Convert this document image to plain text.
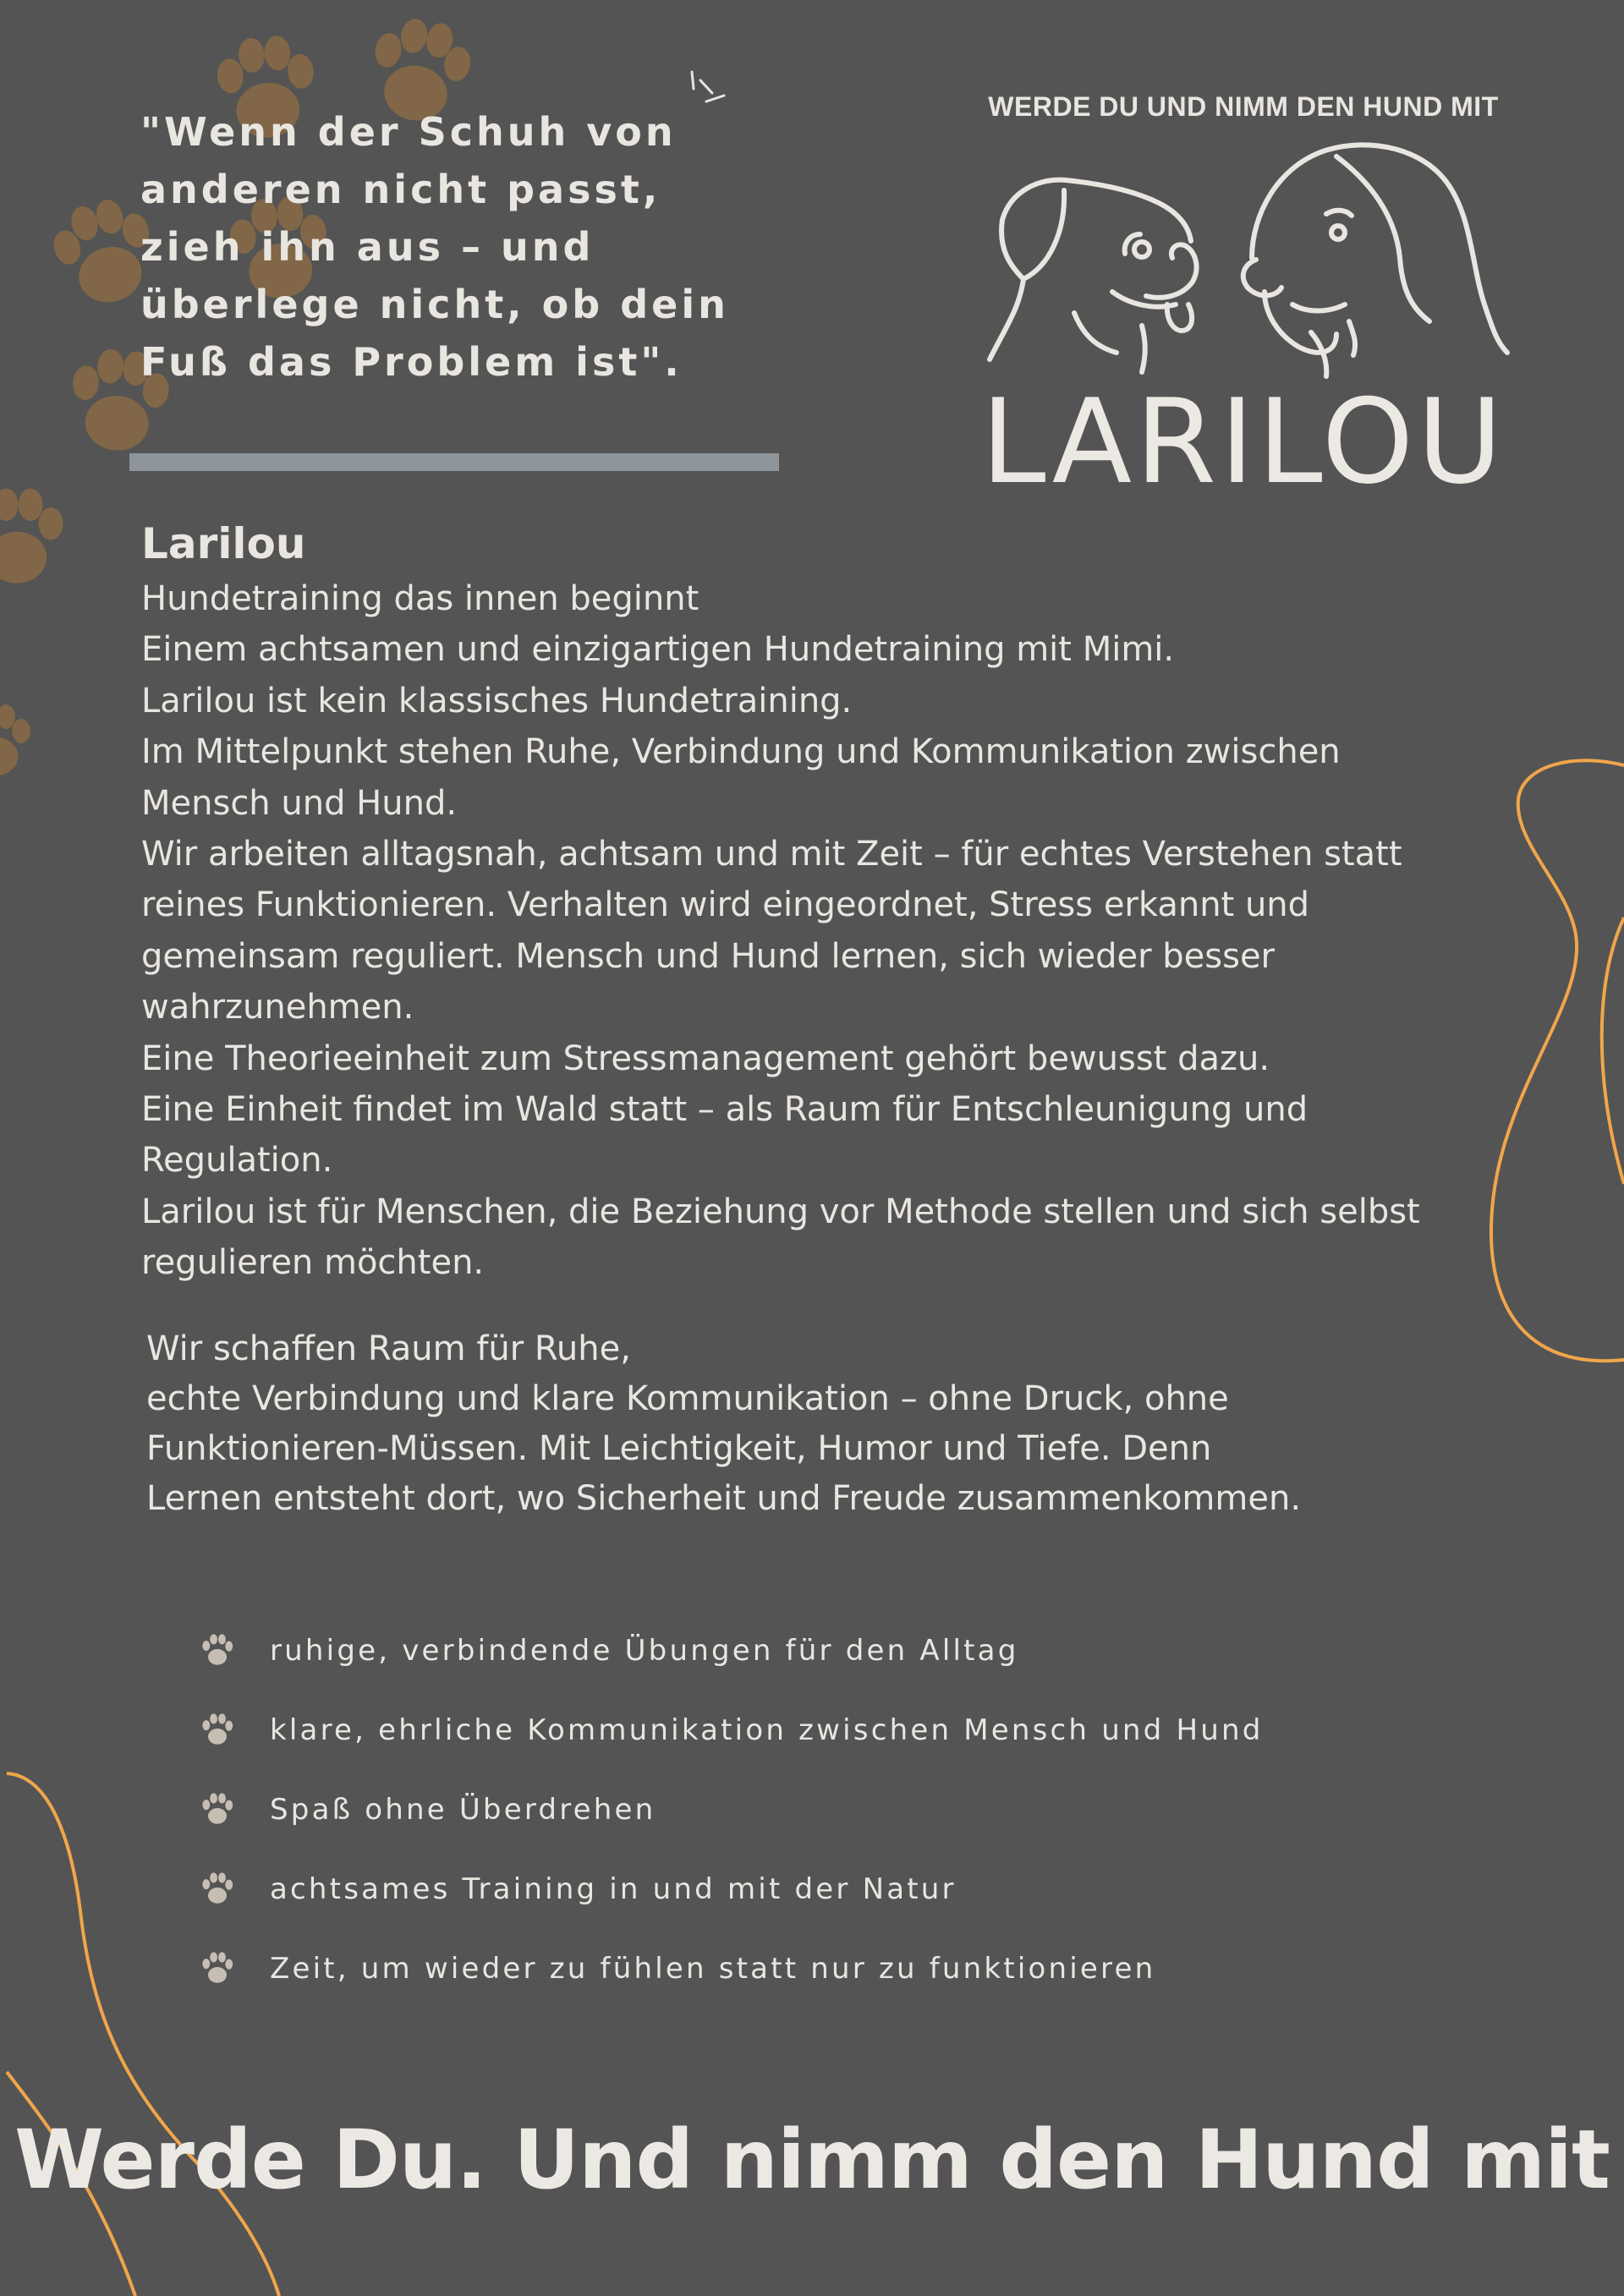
"Wenn der Schuh von
anderen nicht passt,
zieh ihn aus – und
überlege nicht, ob dein
Fuß das Problem ist".

WERDE DU UND NIMM DEN HUND MIT
LARILOU
Larilou

Hundetraining das innen beginnt
Einem achtsamen und einzigartigen Hundetraining mit Mimi.
Larilou ist kein klassisches Hundetraining.
Im Mittelpunkt stehen Ruhe, Verbindung und Kommunikation zwischen
Mensch und Hund.
Wir arbeiten alltagsnah, achtsam und mit Zeit – für echtes Verstehen statt
reines Funktionieren. Verhalten wird eingeordnet, Stress erkannt und
gemeinsam reguliert. Mensch und Hund lernen, sich wieder besser
wahrzunehmen.
Eine Theorieeinheit zum Stressmanagement gehört bewusst dazu.
Eine Einheit findet im Wald statt – als Raum für Entschleunigung und
Regulation.
Larilou ist für Menschen, die Beziehung vor Methode stellen und sich selbst
regulieren möchten.

Wir schaffen Raum für Ruhe,
echte Verbindung und klare Kommunikation – ohne Druck, ohne
Funktionieren-Müssen. Mit Leichtigkeit, Humor und Tiefe. Denn
Lernen entsteht dort, wo Sicherheit und Freude zusammenkommen.

ruhige, verbindende Übungen für den Alltag
klare, ehrliche Kommunikation zwischen Mensch und Hund
Spaß ohne Überdrehen
achtsames Training in und mit der Natur
Zeit, um wieder zu fühlen statt nur zu funktionieren
Werde Du. Und nimm den Hund mit
